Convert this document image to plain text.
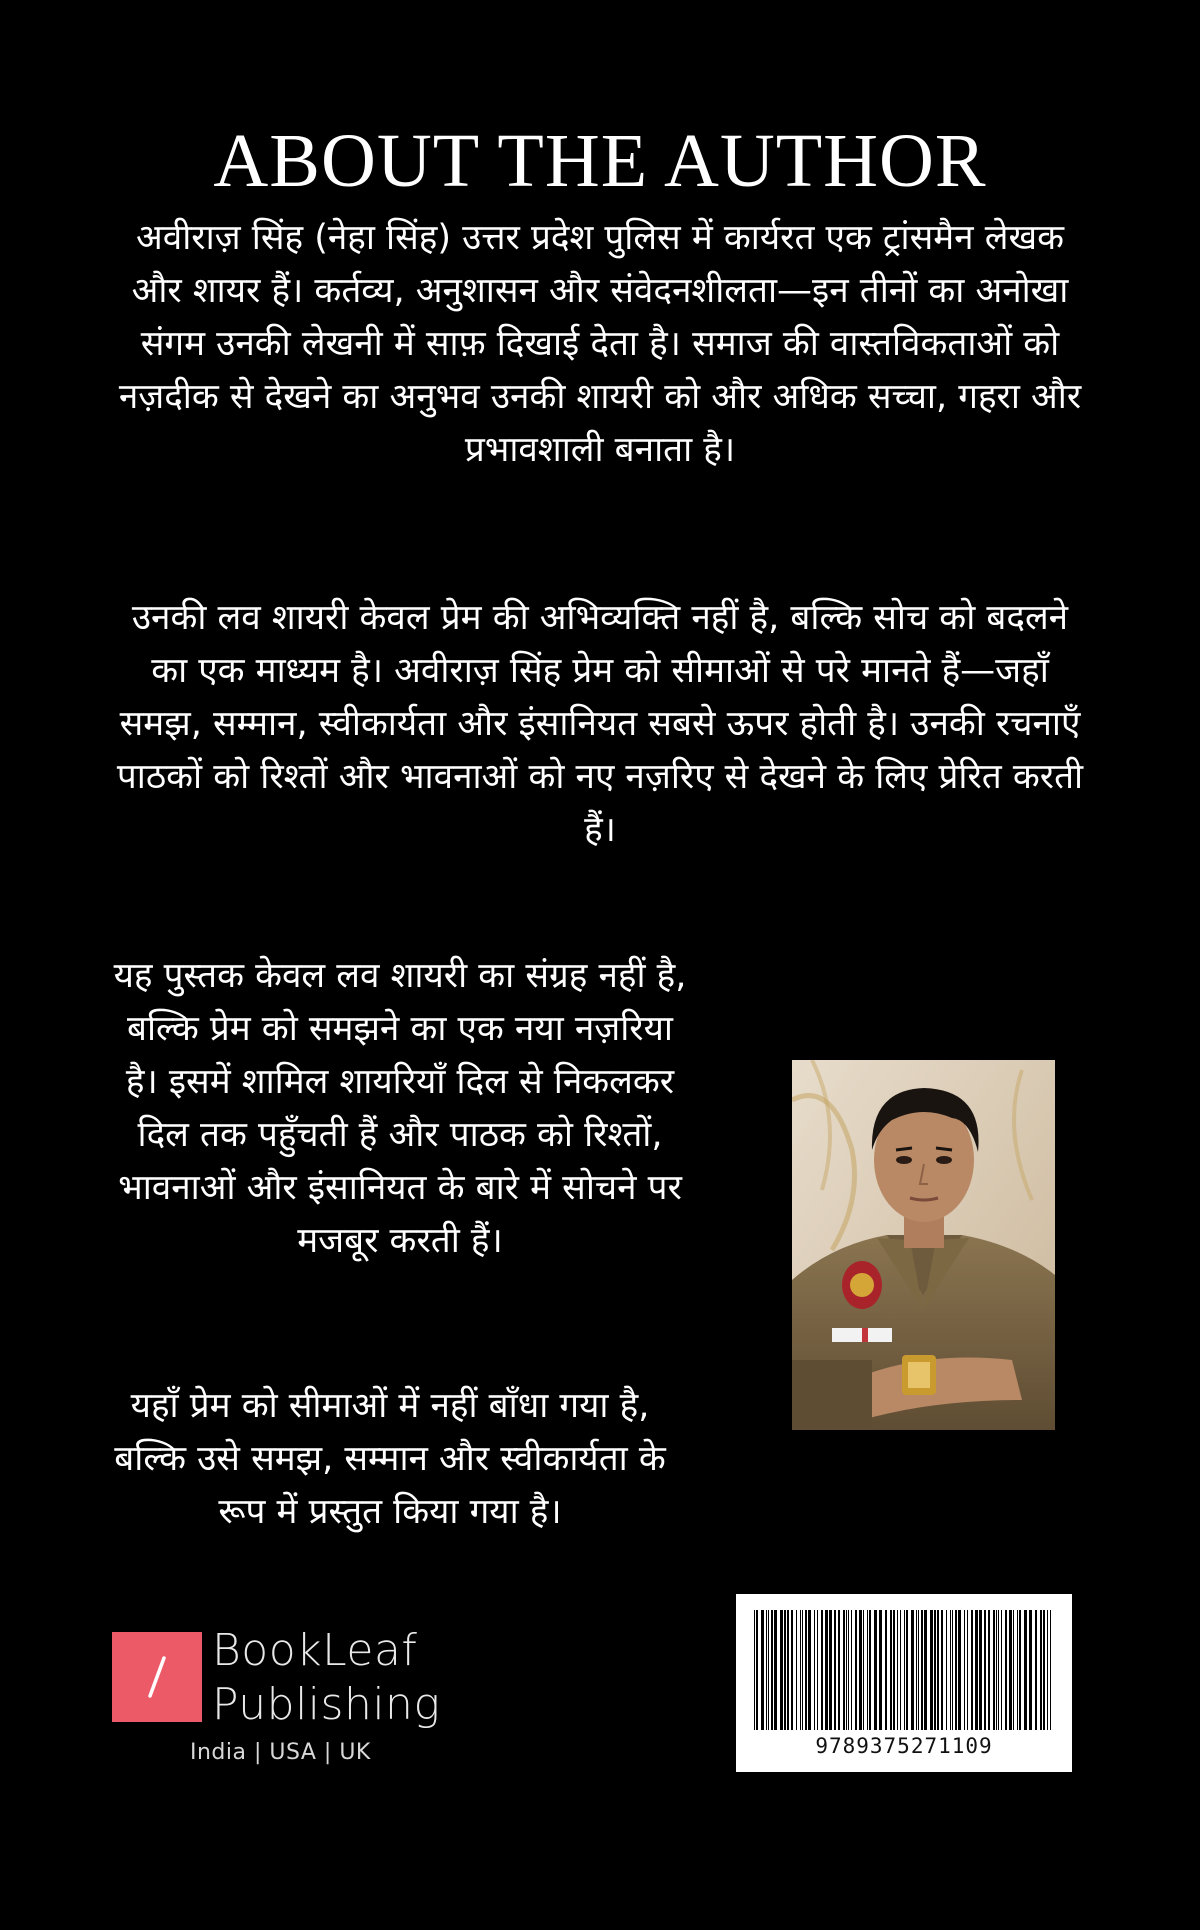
ABOUT THE AUTHOR
अवीराज़ सिंह (नेहा सिंह) उत्तर प्रदेश पुलिस में कार्यरत एक ट्रांसमैन लेखक और शायर हैं। कर्तव्य, अनुशासन और संवेदनशीलता—इन तीनों का अनोखा संगम उनकी लेखनी में साफ़ दिखाई देता है। समाज की वास्तविकताओं को नज़दीक से देखने का अनुभव उनकी शायरी को और अधिक सच्चा, गहरा और प्रभावशाली बनाता है।
उनकी लव शायरी केवल प्रेम की अभिव्यक्ति नहीं है, बल्कि सोच को बदलने का एक माध्यम है। अवीराज़ सिंह प्रेम को सीमाओं से परे मानते हैं—जहाँ समझ, सम्मान, स्वीकार्यता और इंसानियत सबसे ऊपर होती है। उनकी रचनाएँ पाठकों को रिश्तों और भावनाओं को नए नज़रिए से देखने के लिए प्रेरित करती हैं।
यह पुस्तक केवल लव शायरी का संग्रह नहीं है, बल्कि प्रेम को समझने का एक नया नज़रिया है। इसमें शामिल शायरियाँ दिल से निकलकर दिल तक पहुँचती हैं और पाठक को रिश्तों, भावनाओं और इंसानियत के बारे में सोचने पर मजबूर करती हैं।
यहाँ प्रेम को सीमाओं में नहीं बाँधा गया है, बल्कि उसे समझ, सम्मान और स्वीकार्यता के रूप में प्रस्तुत किया गया है।
BookLeaf
Publishing
India | USA | UK	9789375271109
